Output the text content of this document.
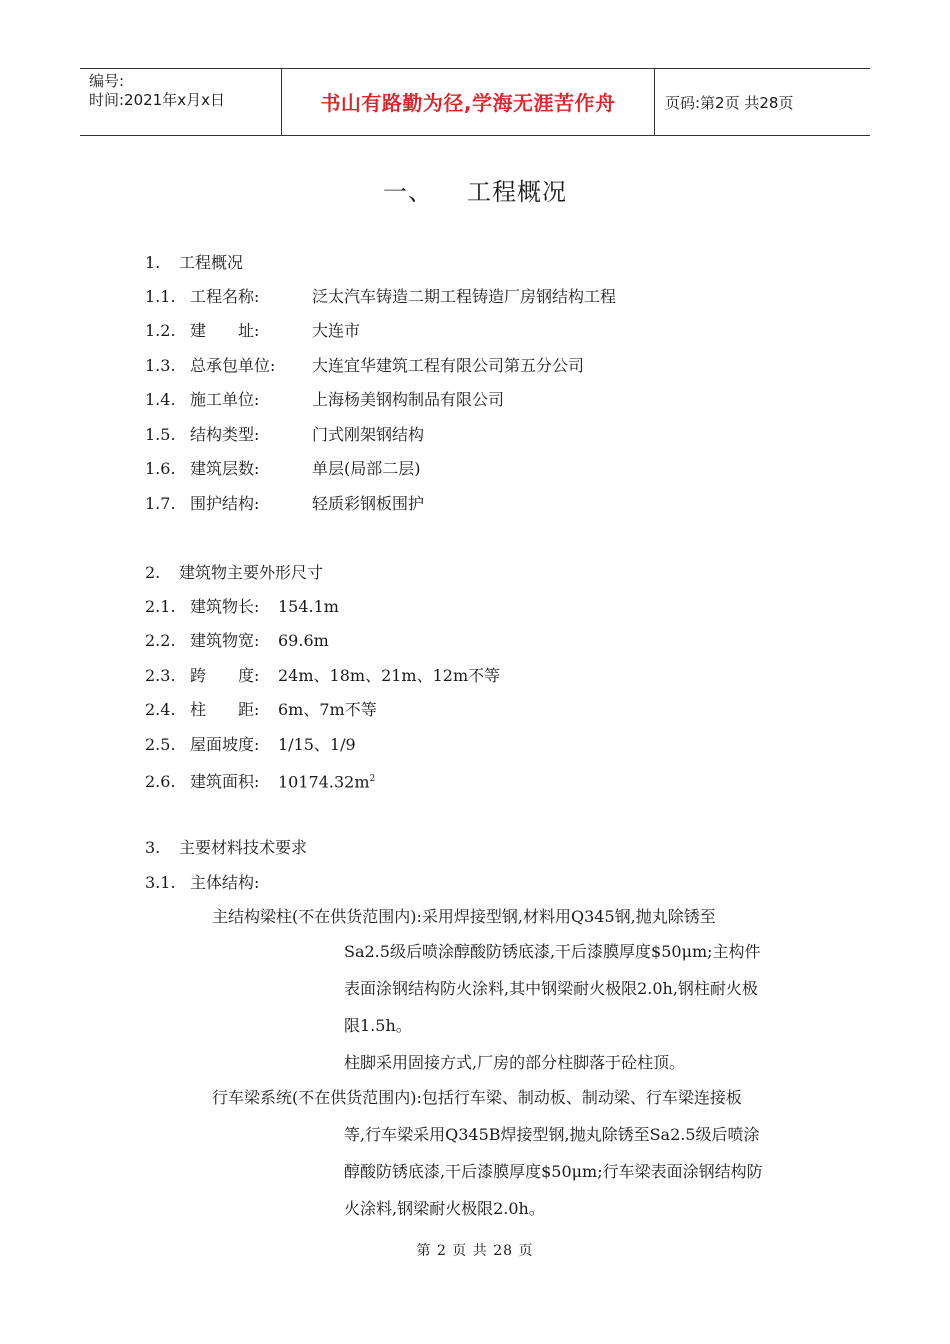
编号:
时间:2021年x月x日	书山有路勤为径,学海无涯苦作舟	页码:第2页 共28页
一、 工程概况
1. 工程概况
1.1. 工程名称:	泛太汽车铸造二期工程铸造厂房钢结构工程
1.2. 建　　址:	大连市
1.3. 总承包单位: 大连宜华建筑工程有限公司第五分公司
1.4. 施工单位:	上海杨美钢构制品有限公司
1.5. 结构类型:	门式刚架钢结构
1.6. 建筑层数:	单层(局部二层)
1.7. 围护结构:	轻质彩钢板围护
2. 建筑物主要外形尺寸
2.1. 建筑物长: 154.1m
2.2. 建筑物宽: 69.6m
2.3. 跨　　度: 24m、18m、21m、12m不等
2.4. 柱　　距: 6m、7m不等
2.5. 屋面坡度: 1/15、1/9
2.6. 建筑面积: $10174.32m^2$
3. 主要材料技术要求
3.1. 主体结构:
主结构梁柱(不在供货范围内):采用焊接型钢,材料用Q345钢,抛丸除锈至

Sa2.5级后喷涂醇酸防锈底漆,干后漆膜厚度$50μm;主构件

表面涂钢结构防火涂料,其中钢梁耐火极限2.0h,钢柱耐火极

限1.5h。

柱脚采用固接方式,厂房的部分柱脚落于砼柱顶。

行车梁系统(不在供货范围内):包括行车梁、制动板、制动梁、行车梁连接板

等,行车梁采用Q345B焊接型钢,抛丸除锈至Sa2.5级后喷涂

醇酸防锈底漆,干后漆膜厚度$50μm;行车梁表面涂钢结构防

火涂料,钢梁耐火极限2.0h。

第 2 页 共 28 页
